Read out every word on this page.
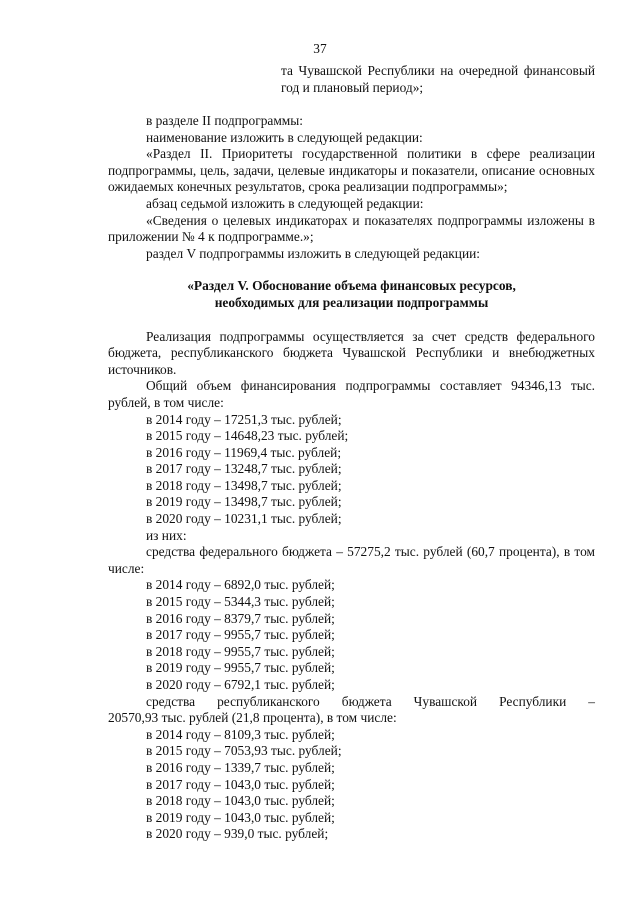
37

та Чувашской Республики на очередной финансовый год и плановый период»;

в разделе II подпрограммы:

наименование изложить в следующей редакции:

«Раздел II. Приоритеты государственной политики в сфере реализации подпрограммы, цель, задачи, целевые индикаторы и показатели, описание основных ожидаемых конечных результатов, срока реализации подпрограммы»;

абзац седьмой изложить в следующей редакции:

«Сведения о целевых индикаторах и показателях подпрограммы изложены в приложении № 4 к подпрограмме.»;

раздел V подпрограммы изложить в следующей редакции:

«Раздел V. Обоснование объема финансовых ресурсов,
необходимых для реализации подпрограммы

Реализация подпрограммы осуществляется за счет средств федерального бюджета, республиканского бюджета Чувашской Республики и внебюджетных источников.

Общий объем финансирования подпрограммы составляет 94346,13 тыс. рублей, в том числе:

в 2014 году – 17251,3 тыс. рублей;

в 2015 году – 14648,23 тыс. рублей;

в 2016 году – 11969,4 тыс. рублей;

в 2017 году – 13248,7 тыс. рублей;

в 2018 году – 13498,7 тыс. рублей;

в 2019 году – 13498,7 тыс. рублей;

в 2020 году – 10231,1 тыс. рублей;

из них:

средства федерального бюджета – 57275,2 тыс. рублей (60,7 процента), в том числе:

в 2014 году – 6892,0 тыс. рублей;

в 2015 году – 5344,3 тыс. рублей;

в 2016 году – 8379,7 тыс. рублей;

в 2017 году – 9955,7 тыс. рублей;

в 2018 году – 9955,7 тыс. рублей;

в 2019 году – 9955,7 тыс. рублей;

в 2020 году – 6792,1 тыс. рублей;

средства республиканского бюджета Чувашской Республики –

20570,93 тыс. рублей (21,8 процента), в том числе:

в 2014 году – 8109,3 тыс. рублей;

в 2015 году – 7053,93 тыс. рублей;

в 2016 году – 1339,7 тыс. рублей;

в 2017 году – 1043,0 тыс. рублей;

в 2018 году – 1043,0 тыс. рублей;

в 2019 году – 1043,0 тыс. рублей;

в 2020 году – 939,0 тыс. рублей;
